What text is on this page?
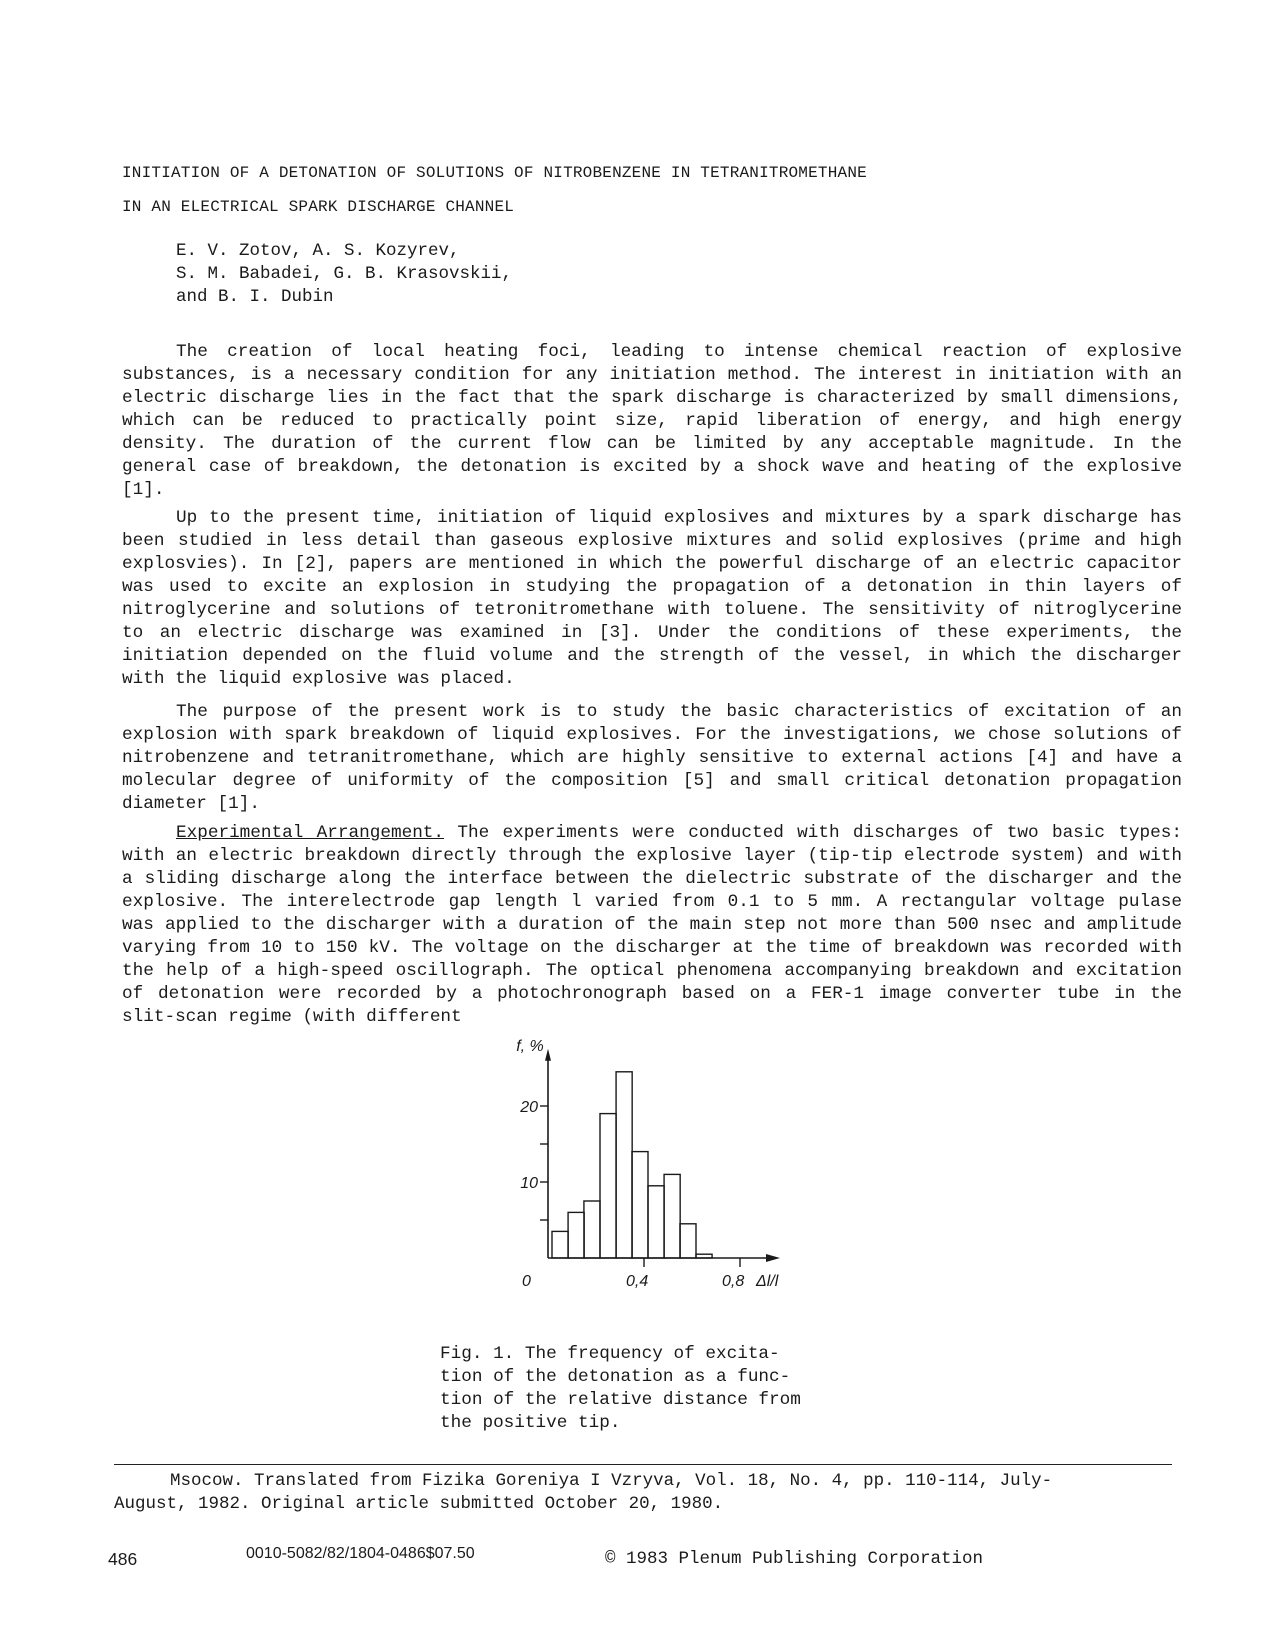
INITIATION OF A DETONATION OF SOLUTIONS OF NITROBENZENE IN TETRANITROMETHANE
IN AN ELECTRICAL SPARK DISCHARGE CHANNEL
E. V. Zotov, A. S. Kozyrev,
S. M. Babadei, G. B. Krasovskii,
and B. I. Dubin
The creation of local heating foci, leading to intense chemical reaction of explosive substances, is a necessary condition for any initiation method. The interest in initiation with an electric discharge lies in the fact that the spark discharge is characterized by small dimensions, which can be reduced to practically point size, rapid liberation of energy, and high energy density. The duration of the current flow can be limited by any acceptable magnitude. In the general case of breakdown, the detonation is excited by a shock wave and heating of the explosive [1].
Up to the present time, initiation of liquid explosives and mixtures by a spark discharge has been studied in less detail than gaseous explosive mixtures and solid explosives (prime and high explosvies). In [2], papers are mentioned in which the powerful discharge of an electric capacitor was used to excite an explosion in studying the propagation of a detonation in thin layers of nitroglycerine and solutions of tetronitromethane with toluene. The sensitivity of nitroglycerine to an electric discharge was examined in [3]. Under the conditions of these experiments, the initiation depended on the fluid volume and the strength of the vessel, in which the discharger with the liquid explosive was placed.
The purpose of the present work is to study the basic characteristics of excitation of an explosion with spark breakdown of liquid explosives. For the investigations, we chose solutions of nitrobenzene and tetranitromethane, which are highly sensitive to external actions [4] and have a molecular degree of uniformity of the composition [5] and small critical detonation propagation diameter [1].
Experimental Arrangement. The experiments were conducted with discharges of two basic types: with an electric breakdown directly through the explosive layer (tip-tip electrode system) and with a sliding discharge along the interface between the dielectric substrate of the discharger and the explosive. The interelectrode gap length l varied from 0.1 to 5 mm. A rectangular voltage pulase was applied to the discharger with a duration of the main step not more than 500 nsec and amplitude varying from 10 to 150 kV. The voltage on the discharger at the time of breakdown was recorded with the help of a high-speed oscillograph. The optical phenomena accompanying breakdown and excitation of detonation were recorded by a photochronograph based on a FER-1 image converter tube in the slit-scan regime (with different
10
20
0	0,4	0,8
f, %
Δl/l
Fig. 1. The frequency of excita-
tion of the detonation as a func-
tion of the relative distance from
the positive tip.
Msocow. Translated from Fizika Goreniya I Vzryva, Vol. 18, No. 4, pp. 110-114, July-
August, 1982. Original article submitted October 20, 1980.
486	0010-5082/82/1804-0486$07.50	© 1983 Plenum Publishing Corporation
